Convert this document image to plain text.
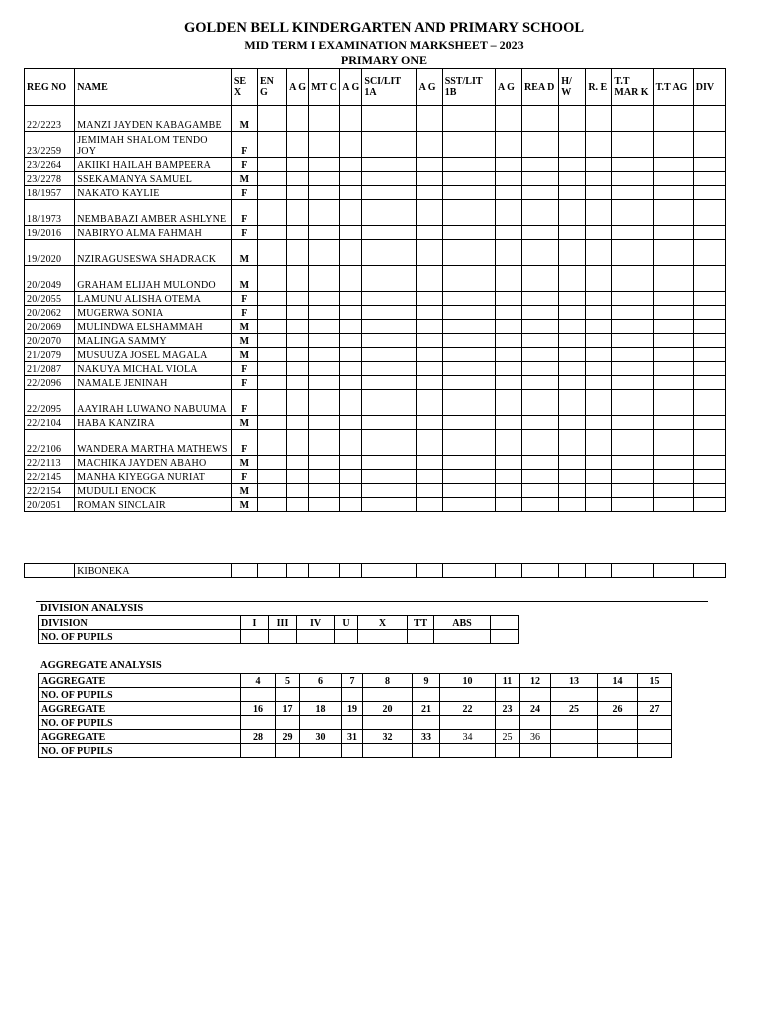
GOLDEN BELL KINDERGARTEN AND PRIMARY SCHOOL
MID TERM I EXAMINATION MARKSHEET – 2023
PRIMARY ONE
REG NO	NAME	SE X	EN G	A G	MT C	A G	SCI/LIT 1A	A G	SST/LIT 1B	A G	REA D	H/ W	R. E	T.T MAR K	T.T AG	DIV
22/2223	MANZI JAYDEN KABAGAMBE	M														
23/2259	JEMIMAH SHALOM TENDO JOY	F														
23/2264	AKIIKI HAILAH BAMPEERA	F														
23/2278	SSEKAMANYA SAMUEL	M														
18/1957	NAKATO KAYLIE	F														
18/1973	NEMBABAZI AMBER ASHLYNE	F														
19/2016	NABIRYO ALMA FAHMAH	F														
19/2020	NZIRAGUSESWA SHADRACK	M														
20/2049	GRAHAM ELIJAH MULONDO	M														
20/2055	LAMUNU ALISHA OTEMA	F														
20/2062	MUGERWA SONIA	F														
20/2069	MULINDWA ELSHAMMAH	M														
20/2070	MALINGA SAMMY	M														
21/2079	MUSUUZA JOSEL MAGALA	M														
21/2087	NAKUYA MICHAL VIOLA	F														
22/2096	NAMALE JENINAH	F														
22/2095	AAYIRAH LUWANO NABUUMA	F														
22/2104	HABA KANZIRA	M														
22/2106	WANDERA MARTHA MATHEWS	F														
22/2113	MACHIKA JAYDEN ABAHO	M														
22/2145	MANHA KIYEGGA NURIAT	F														
22/2154	MUDULI ENOCK	M														
20/2051	ROMAN SINCLAIR	M														
	KIBONEKA															
DIVISION ANALYSIS
DIVISION	I	III	IV	U	X	TT	ABS	
NO. OF PUPILS								
AGGREGATE ANALYSIS
AGGREGATE	4	5	6	7	8	9	10	11	12	13	14	15
NO. OF PUPILS												
AGGREGATE	16	17	18	19	20	21	22	23	24	25	26	27
NO. OF PUPILS												
AGGREGATE	28	29	30	31	32	33	34	25	36			
NO. OF PUPILS												
